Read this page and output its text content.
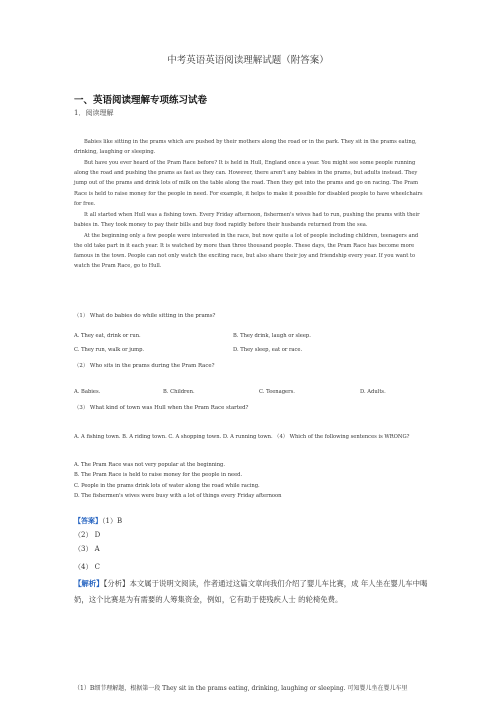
中考英语英语阅读理解试题（附答案）
一、英语阅读理解专项练习试卷
1．阅读理解

Babies like sitting in the prams which are pushed by their mothers along the road or in the park. They sit in the prams eating, drinking, laughing or sleeping.

But have you ever heard of the Pram Race before? It is held in Hull, England once a year. You might see some people running along the road and pushing the prams as fast as they can. However, there aren't any babies in the prams, but adults instead. They jump out of the prams and drink lots of milk on the table along the road. Then they get into the prams and go on racing. The Pram Race is held to raise money for the people in need. For example, it helps to make it possible for disabled people to have wheelchairs for free.

It all started when Hull was a fishing town. Every Friday afternoon, fishermen's wives had to run, pushing the prams with their babies in. They took money to pay their bills and buy food rapidly before their husbands returned from the sea.

At the beginning only a few people were interested in the race, but now quite a lot of people including children, teenagers and the old take part in it each year. It is watched by more than three thousand people. These days, the Pram Race has become more famous in the town. People can not only watch the exciting race, but also share their joy and friendship every year. If you want to watch the Pram Race, go to Hull.

（1） What do babies do while sitting in the prams?
A. They eat, drink or run.	B. They drink, laugh or sleep.
C. They run, walk or jump.	D. They sleep, eat or race.
（2） Who sits in the prams during the Pram Race?
A. Babies.	B. Children.	C. Teenagers.	D. Adults.
（3） What kind of town was Hull when the Pram Race started?
A. A fishing town. B. A riding town. C. A shopping town. D. A running town. （4） Which of the following sentences is WRONG?
A. The Pram Race was not very popular at the beginning.
B. The Pram Race is held to raise money for the people in need.
C. People in the prams drink lots of water along the road while racing.
D. The fishermen's wives were busy with a lot of things every Friday afternoon
【答案】（1）B
（2） D
（3） A
（4） C
【解析】【分析】本文属于说明文阅读，作者通过这篇文章向我们介绍了婴儿车比赛，成 年人坐在婴儿车中喝奶，这个比赛是为有需要的人筹集资金，例如，它有助于使残疾人士 的轮椅免费。
（1）B细节理解题，根据第一段 They sit in the prams eating, drinking, laughing or sleeping. 可知婴儿坐在婴儿车里
